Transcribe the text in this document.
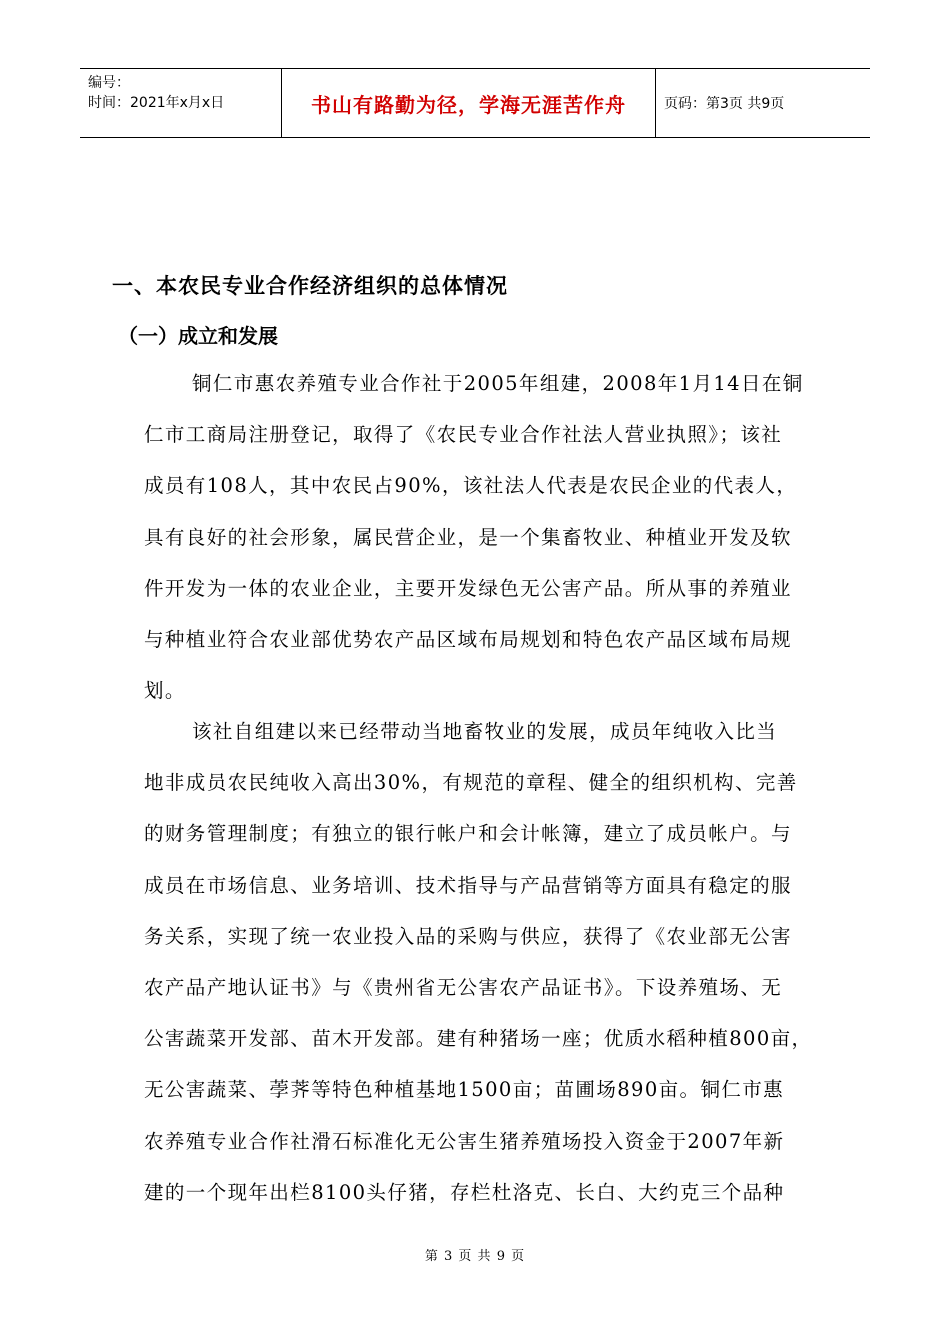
编号：
时间：2021年x月x日	书山有路勤为径，学海无涯苦作舟	页码：第3页 共9页
一、本农民专业合作经济组织的总体情况
（一）成立和发展
铜仁市惠农养殖专业合作社于2005年组建，2008年1月14日在铜
仁市工商局注册登记，取得了《农民专业合作社法人营业执照》；该社
成员有108人，其中农民占90%，该社法人代表是农民企业的代表人，
具有良好的社会形象，属民营企业，是一个集畜牧业、种植业开发及软
件开发为一体的农业企业，主要开发绿色无公害产品。所从事的养殖业
与种植业符合农业部优势农产品区域布局规划和特色农产品区域布局规
划。
该社自组建以来已经带动当地畜牧业的发展，成员年纯收入比当
地非成员农民纯收入高出30%，有规范的章程、健全的组织机构、完善
的财务管理制度；有独立的银行帐户和会计帐簿，建立了成员帐户。与
成员在市场信息、业务培训、技术指导与产品营销等方面具有稳定的服
务关系，实现了统一农业投入品的采购与供应，获得了《农业部无公害
农产品产地认证书》与《贵州省无公害农产品证书》。下设养殖场、无
公害蔬菜开发部、苗木开发部。建有种猪场一座；优质水稻种植800亩，
无公害蔬菜、荸荠等特色种植基地1500亩；苗圃场890亩。铜仁市惠
农养殖专业合作社滑石标准化无公害生猪养殖场投入资金于2007年新
建的一个现年出栏8100头仔猪，存栏杜洛克、长白、大约克三个品种
第 3 页 共 9 页
